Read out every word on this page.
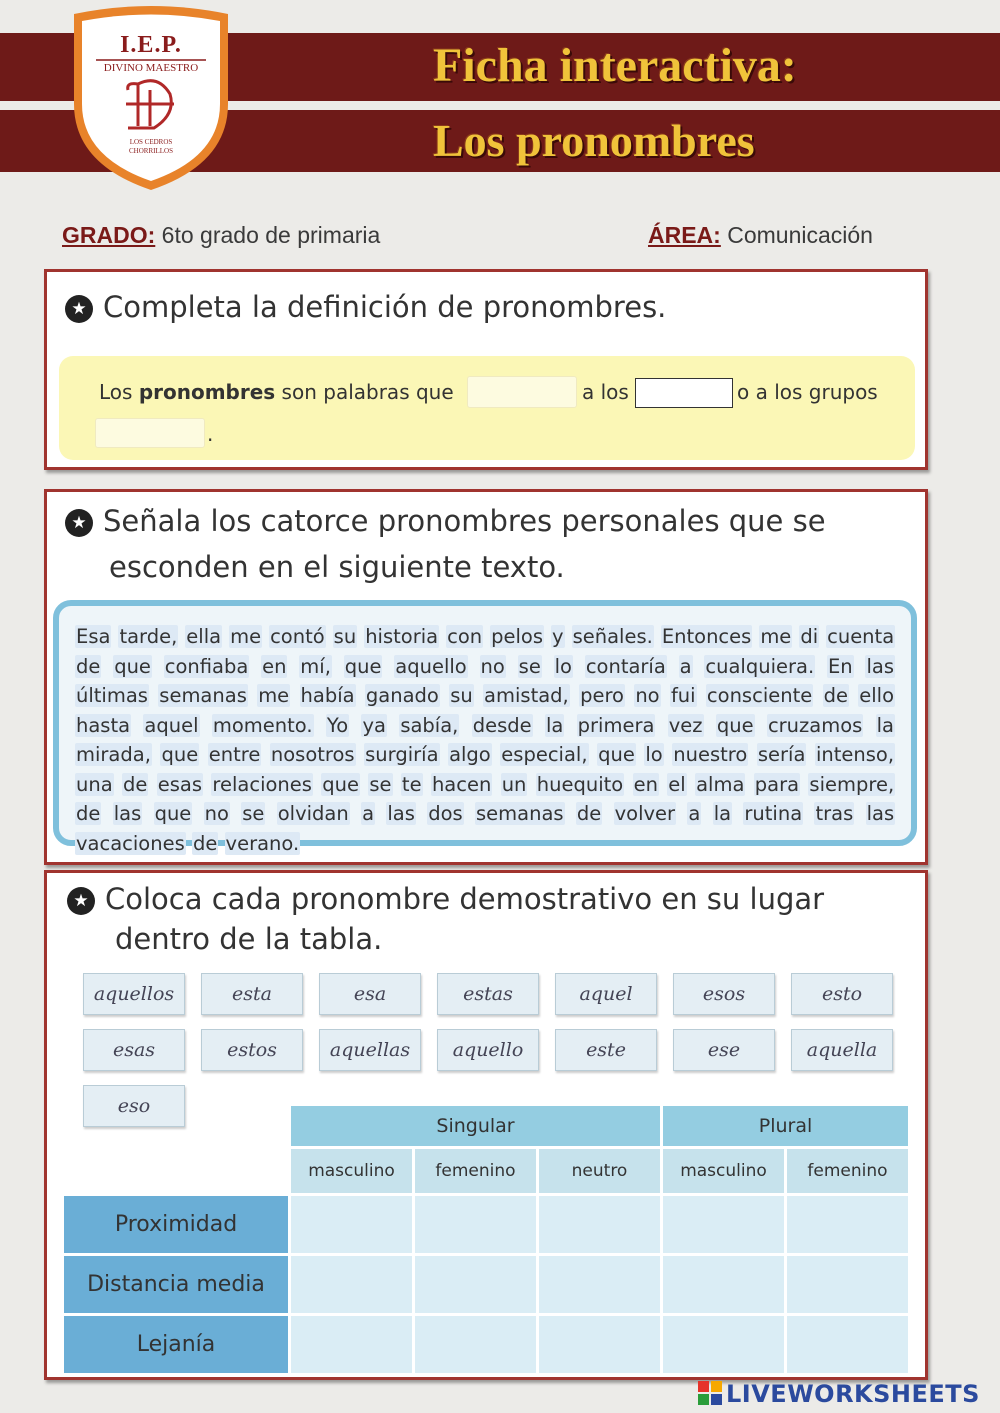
Ficha interactiva:
Los pronombres
I.E.P.
DIVINO MAESTRO
LOS CEDROS CHORRILLOS
GRADO: 6to grado de primaria	ÁREA: Comunicación
★ Completa la definición de pronombres.
Los pronombres son palabras que	a los	o a los grupos
.
★ Señala los catorce pronombres personales que se
esconden en el siguiente texto.
Esa tarde, ella me contó su historia con pelos y señales. Entonces me di cuenta de que confiaba en mí, que aquello no se lo contaría a cualquiera. En las últimas semanas me había ganado su amistad, pero no fui consciente de ello hasta aquel momento. Yo ya sabía, desde la primera vez que cruzamos la mirada, que entre nosotros surgiría algo especial, que lo nuestro sería intenso, una de esas relaciones que se te hacen un huequito en el alma para siempre, de las que no se olvidan a las dos semanas de volver a la rutina tras las vacaciones de verano.
★ Coloca cada pronombre demostrativo en su lugar
dentro de la tabla.
aquellos	esta	esa	estas	aquel	esos	esto
esas	estos	aquellas	aquello	este	ese	aquella
eso
	Singular			Plural	
	masculino	femenino	neutro	masculino	femenino
Proximidad					
Distancia media					
Lejanía					
LIVEWORKSHEETS
